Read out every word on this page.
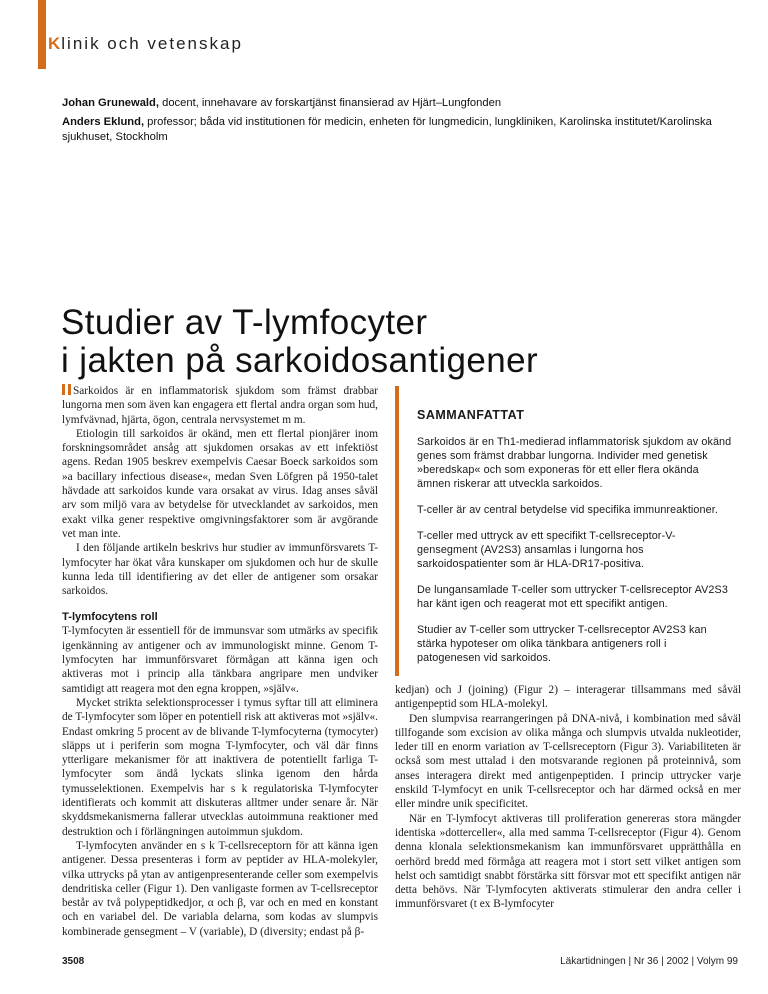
Klinik och vetenskap

Johan Grunewald, docent, innehavare av forskartjänst finansierad av Hjärt–Lungfonden

Anders Eklund, professor; båda vid institutionen för medicin, enheten för lungmedicin, lungkliniken, Karolinska institutet/Karolinska sjukhuset, Stockholm

Studier av T-lymfocyter
i jakten på sarkoidosantigener

Sarkoidos är en inflammatorisk sjukdom som främst drabbar lungorna men som även kan engagera ett flertal andra organ som hud, lymfvävnad, hjärta, ögon, centrala nervsystemet m m.

Etiologin till sarkoidos är okänd, men ett flertal pionjärer inom forskningsområdet ansåg att sjukdomen orsakas av ett infektiöst agens. Redan 1905 beskrev exempelvis Caesar Boeck sarkoidos som »a bacillary infectious disease«, medan Sven Löfgren på 1950-talet hävdade att sarkoidos kunde vara orsakat av virus. Idag anses såväl arv som miljö vara av betydelse för utvecklandet av sarkoidos, men exakt vilka gener respektive omgivningsfaktorer som är avgörande vet man inte.

I den följande artikeln beskrivs hur studier av immunförsvarets T-lymfocyter har ökat våra kunskaper om sjukdomen och hur de skulle kunna leda till identifiering av det eller de antigener som orsakar sarkoidos.

T-lymfocytens roll

T-lymfocyten är essentiell för de immunsvar som utmärks av specifik igenkänning av antigener och av immunologiskt minne. Genom T-lymfocyten har immunförsvaret förmågan att känna igen och aktiveras mot i princip alla tänkbara angripare men undviker samtidigt att reagera mot den egna kroppen, »själv«.

Mycket strikta selektionsprocesser i tymus syftar till att eliminera de T-lymfocyter som löper en potentiell risk att aktiveras mot »själv«. Endast omkring 5 procent av de blivande T-lymfocyterna (tymocyter) släpps ut i periferin som mogna T-lymfocyter, och väl där finns ytterligare mekanismer för att inaktivera de potentiellt farliga T-lymfocyter som ändå lyckats slinka igenom den hårda tymusselektionen. Exempelvis har s k regulatoriska T-lymfocyter identifierats och kommit att diskuteras alltmer under senare år. När skyddsmekanismerna fallerar utvecklas autoimmuna reaktioner med destruktion och i förlängningen autoimmun sjukdom.

T-lymfocyten använder en s k T-cellsreceptorn för att känna igen antigener. Dessa presenteras i form av peptider av HLA-molekyler, vilka uttrycks på ytan av antigenpresenterande celler som exempelvis dendritiska celler (Figur 1). Den vanligaste formen av T-cellsreceptor består av två polypeptidkedjor, α och β, var och en med en konstant och en variabel del. De variabla delarna, som kodas av slumpvis kombinerade gensegment – V (variable), D (diversity; endast på β-

SAMMANFATTAT

Sarkoidos är en Th1-medierad inflammatorisk sjukdom av okänd genes som främst drabbar lungorna. Individer med genetisk »beredskap« och som exponeras för ett eller flera okända ämnen riskerar att utveckla sarkoidos.

T-celler är av central betydelse vid specifika immunreaktioner.

T-celler med uttryck av ett specifikt T-cellsreceptor-V-gensegment (AV2S3) ansamlas i lungorna hos sarkoidospatienter som är HLA-DR17-positiva.

De lungansamlade T-celler som uttrycker T-cellsreceptor AV2S3 har känt igen och reagerat mot ett specifikt antigen.

Studier av T-celler som uttrycker T-cellsreceptor AV2S3 kan stärka hypoteser om olika tänkbara antigeners roll i patogenesen vid sarkoidos.

kedjan) och J (joining) (Figur 2) – interagerar tillsammans med såväl antigenpeptid som HLA-molekyl.

Den slumpvisa rearrangeringen på DNA-nivå, i kombination med såväl tillfogande som excision av olika många och slumpvis utvalda nukleotider, leder till en enorm variation av T-cellsreceptorn (Figur 3). Variabiliteten är också som mest uttalad i den motsvarande regionen på proteinnivå, som anses interagera direkt med antigenpeptiden. I princip uttrycker varje enskild T-lymfocyt en unik T-cellsreceptor och har därmed också en mer eller mindre unik specificitet.

När en T-lymfocyt aktiveras till proliferation genereras stora mängder identiska »dotterceller«, alla med samma T-cellsreceptor (Figur 4). Genom denna klonala selektionsmekanism kan immunförsvaret upprätthålla en oerhörd bredd med förmåga att reagera mot i stort sett vilket antigen som helst och samtidigt snabbt förstärka sitt försvar mot ett specifikt antigen när detta behövs. När T-lymfocyten aktiverats stimulerar den andra celler i immunförsvaret (t ex B-lymfocyter

3508	Läkartidningen | Nr 36 | 2002 | Volym 99
